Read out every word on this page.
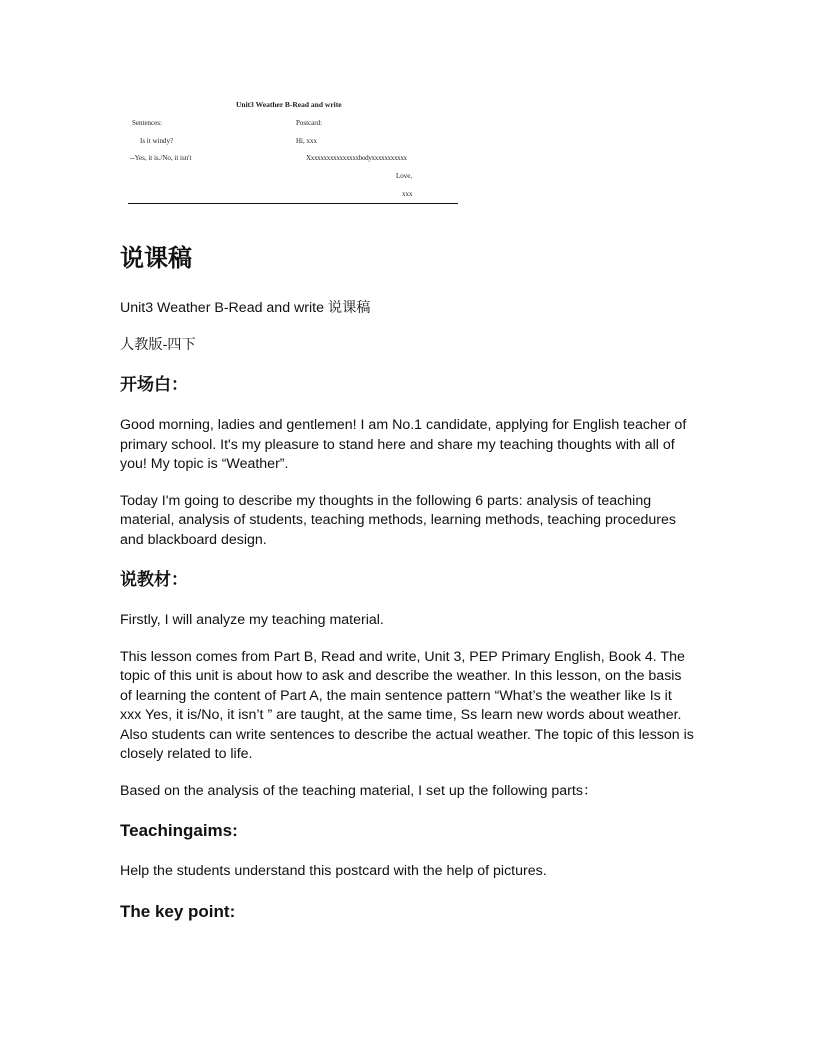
Unit3 Weather B-Read and write
Sentences:
Is it windy?
--Yes, it is./No, it isn't
Postcard:
Hi, xxx
Xxxxxxxxxxxxxxxxbodyxxxxxxxxxxx
Love,
xxx
说课稿
Unit3 Weather B-Read and write 说课稿
人教版-四下
开场白：
Good morning, ladies and gentlemen! I am No.1 candidate, applying for English teacher of primary school. It's my pleasure to stand here and share my teaching thoughts with all of you! My topic is “Weather”.
Today I'm going to describe my thoughts in the following 6 parts: analysis of teaching material, analysis of students, teaching methods, learning methods, teaching procedures and blackboard design.
说教材：
Firstly, I will analyze my teaching material.
This lesson comes from Part B, Read and write, Unit 3, PEP Primary English, Book 4. The topic of this unit is about how to ask and describe the weather. In this lesson, on the basis of learning the content of Part A, the main sentence pattern “What’s the weather like Is it xxx Yes, it is/No, it isn’t ” are taught, at the same time, Ss learn new words about weather. Also students can write sentences to describe the actual weather. The topic of this lesson is closely related to life.
Based on the analysis of the teaching material, I set up the following parts：
Teachingaims:
Help the students understand this postcard with the help of pictures.
The key point:
